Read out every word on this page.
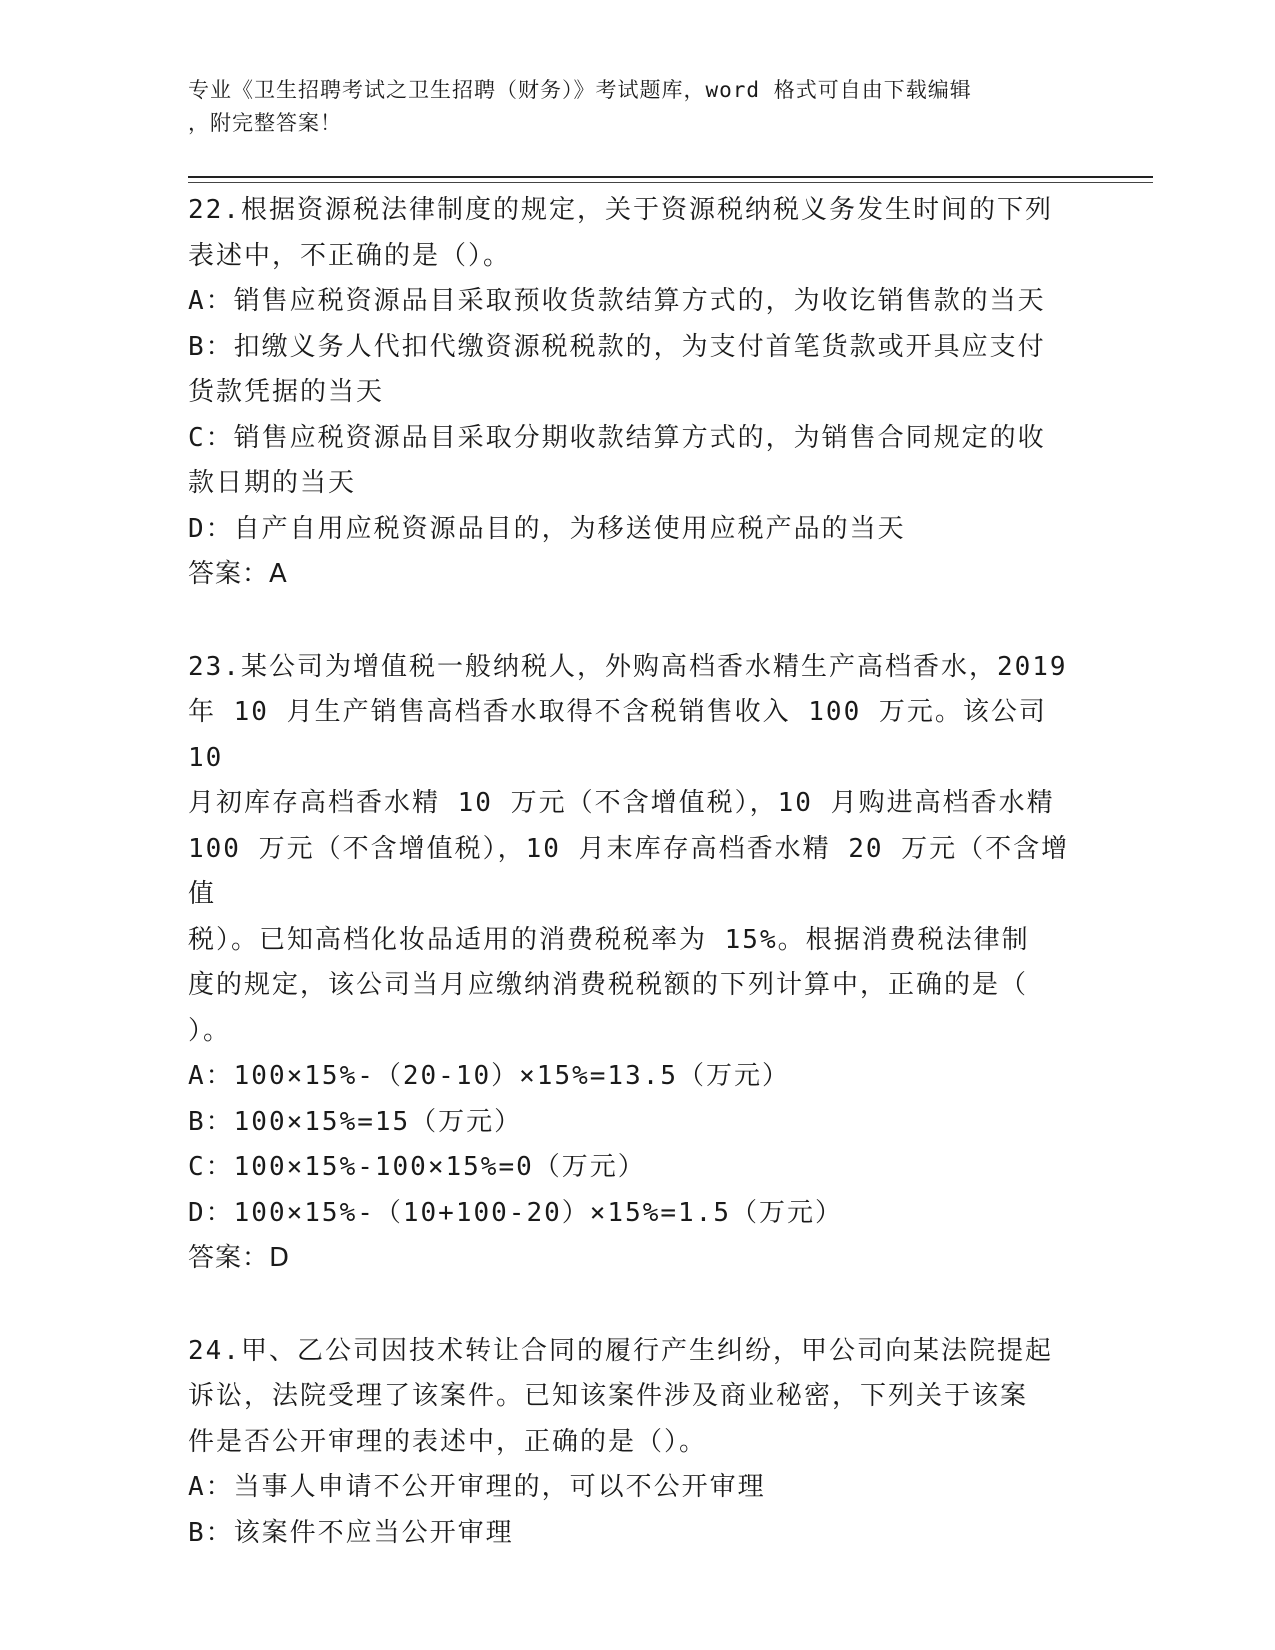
专业《卫生招聘考试之卫生招聘（财务）》考试题库，word 格式可自由下载编辑

，附完整答案！

22.根据资源税法律制度的规定，关于资源税纳税义务发生时间的下列

表述中，不正确的是（）。

A：销售应税资源品目采取预收货款结算方式的，为收讫销售款的当天

B：扣缴义务人代扣代缴资源税税款的，为支付首笔货款或开具应支付

货款凭据的当天

C：销售应税资源品目采取分期收款结算方式的，为销售合同规定的收

款日期的当天

D：自产自用应税资源品目的，为移送使用应税产品的当天

答案：A

23.某公司为增值税一般纳税人，外购高档香水精生产高档香水，2019

年 10 月生产销售高档香水取得不含税销售收入 100 万元。该公司 10

月初库存高档香水精 10 万元（不含增值税），10 月购进高档香水精

100 万元（不含增值税），10 月末库存高档香水精 20 万元（不含增值

税）。已知高档化妆品适用的消费税税率为 15%。根据消费税法律制

度的规定，该公司当月应缴纳消费税税额的下列计算中，正确的是（

）。

A：100×15%-（20-10）×15%=13.5（万元）

B：100×15%=15（万元）

C：100×15%-100×15%=0（万元）

D：100×15%-（10+100-20）×15%=1.5（万元）

答案：D

24.甲、乙公司因技术转让合同的履行产生纠纷，甲公司向某法院提起

诉讼，法院受理了该案件。已知该案件涉及商业秘密，下列关于该案

件是否公开审理的表述中，正确的是（）。

A：当事人申请不公开审理的，可以不公开审理

B：该案件不应当公开审理
